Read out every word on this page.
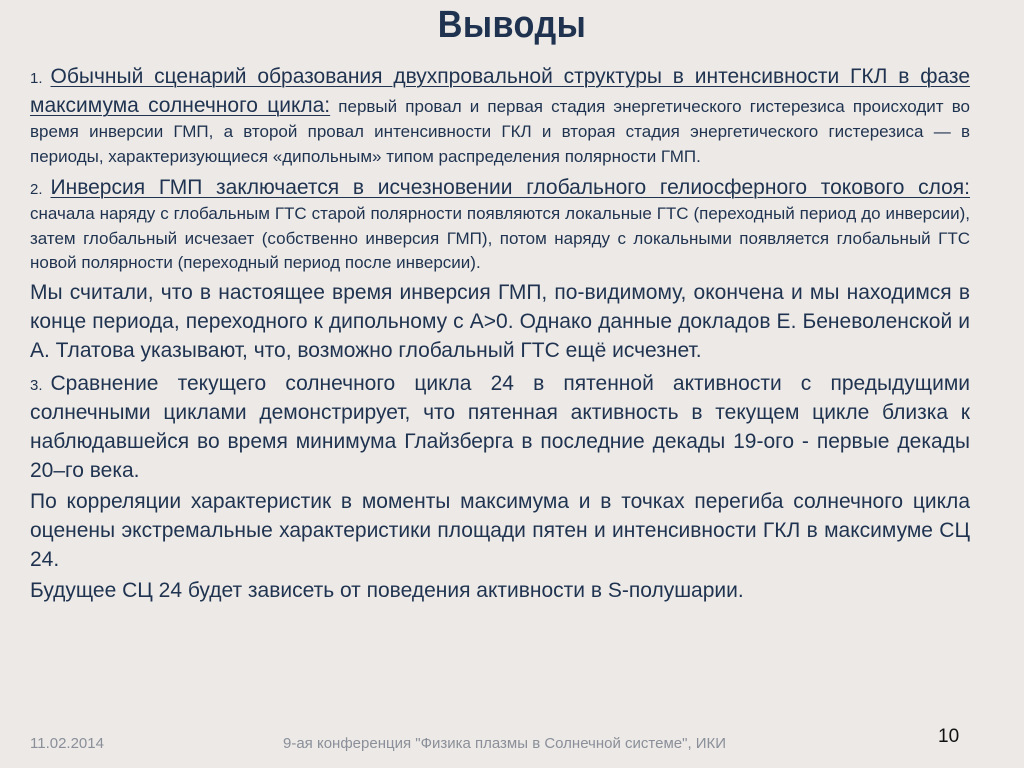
Выводы

1. Обычный сценарий образования двухпровальной структуры в интенсивности ГКЛ в фазе максимума солнечного цикла: первый провал и первая стадия энергетического гистерезиса происходит во время инверсии ГМП, а второй провал интенсивности ГКЛ и вторая стадия энергетического гистерезиса — в периоды, характеризующиеся «дипольным» типом распределения полярности ГМП.

2. Инверсия ГМП заключается в исчезновении глобального гелиосферного токового слоя: сначала наряду с глобальным ГТС старой полярности появляются локальные ГТС (переходный период до инверсии), затем глобальный исчезает (собственно инверсия ГМП), потом наряду с локальными появляется глобальный ГТС новой полярности (переходный период после инверсии).

Мы считали, что в настоящее время инверсия ГМП, по-видимому, окончена и мы находимся в конце периода, переходного к дипольному с A>0. Однако данные докладов Е. Беневоленской и А. Тлатова указывают, что, возможно глобальный ГТС ещё исчезнет.

3. Сравнение текущего солнечного цикла 24 в пятенной активности с предыдущими солнечными циклами демонстрирует, что пятенная активность в текущем цикле близка к наблюдавшейся во время минимума Глайзберга в последние декады 19-ого - первые декады 20–го века.

По корреляции характеристик в моменты максимума и в точках перегиба солнечного цикла оценены экстремальные характеристики площади пятен и интенсивности ГКЛ в максимуме СЦ 24.

Будущее СЦ 24 будет зависеть от поведения активности в S-полушарии.

11.02.2014	9-ая конференция "Физика плазмы в Солнечной системе", ИКИ	10
